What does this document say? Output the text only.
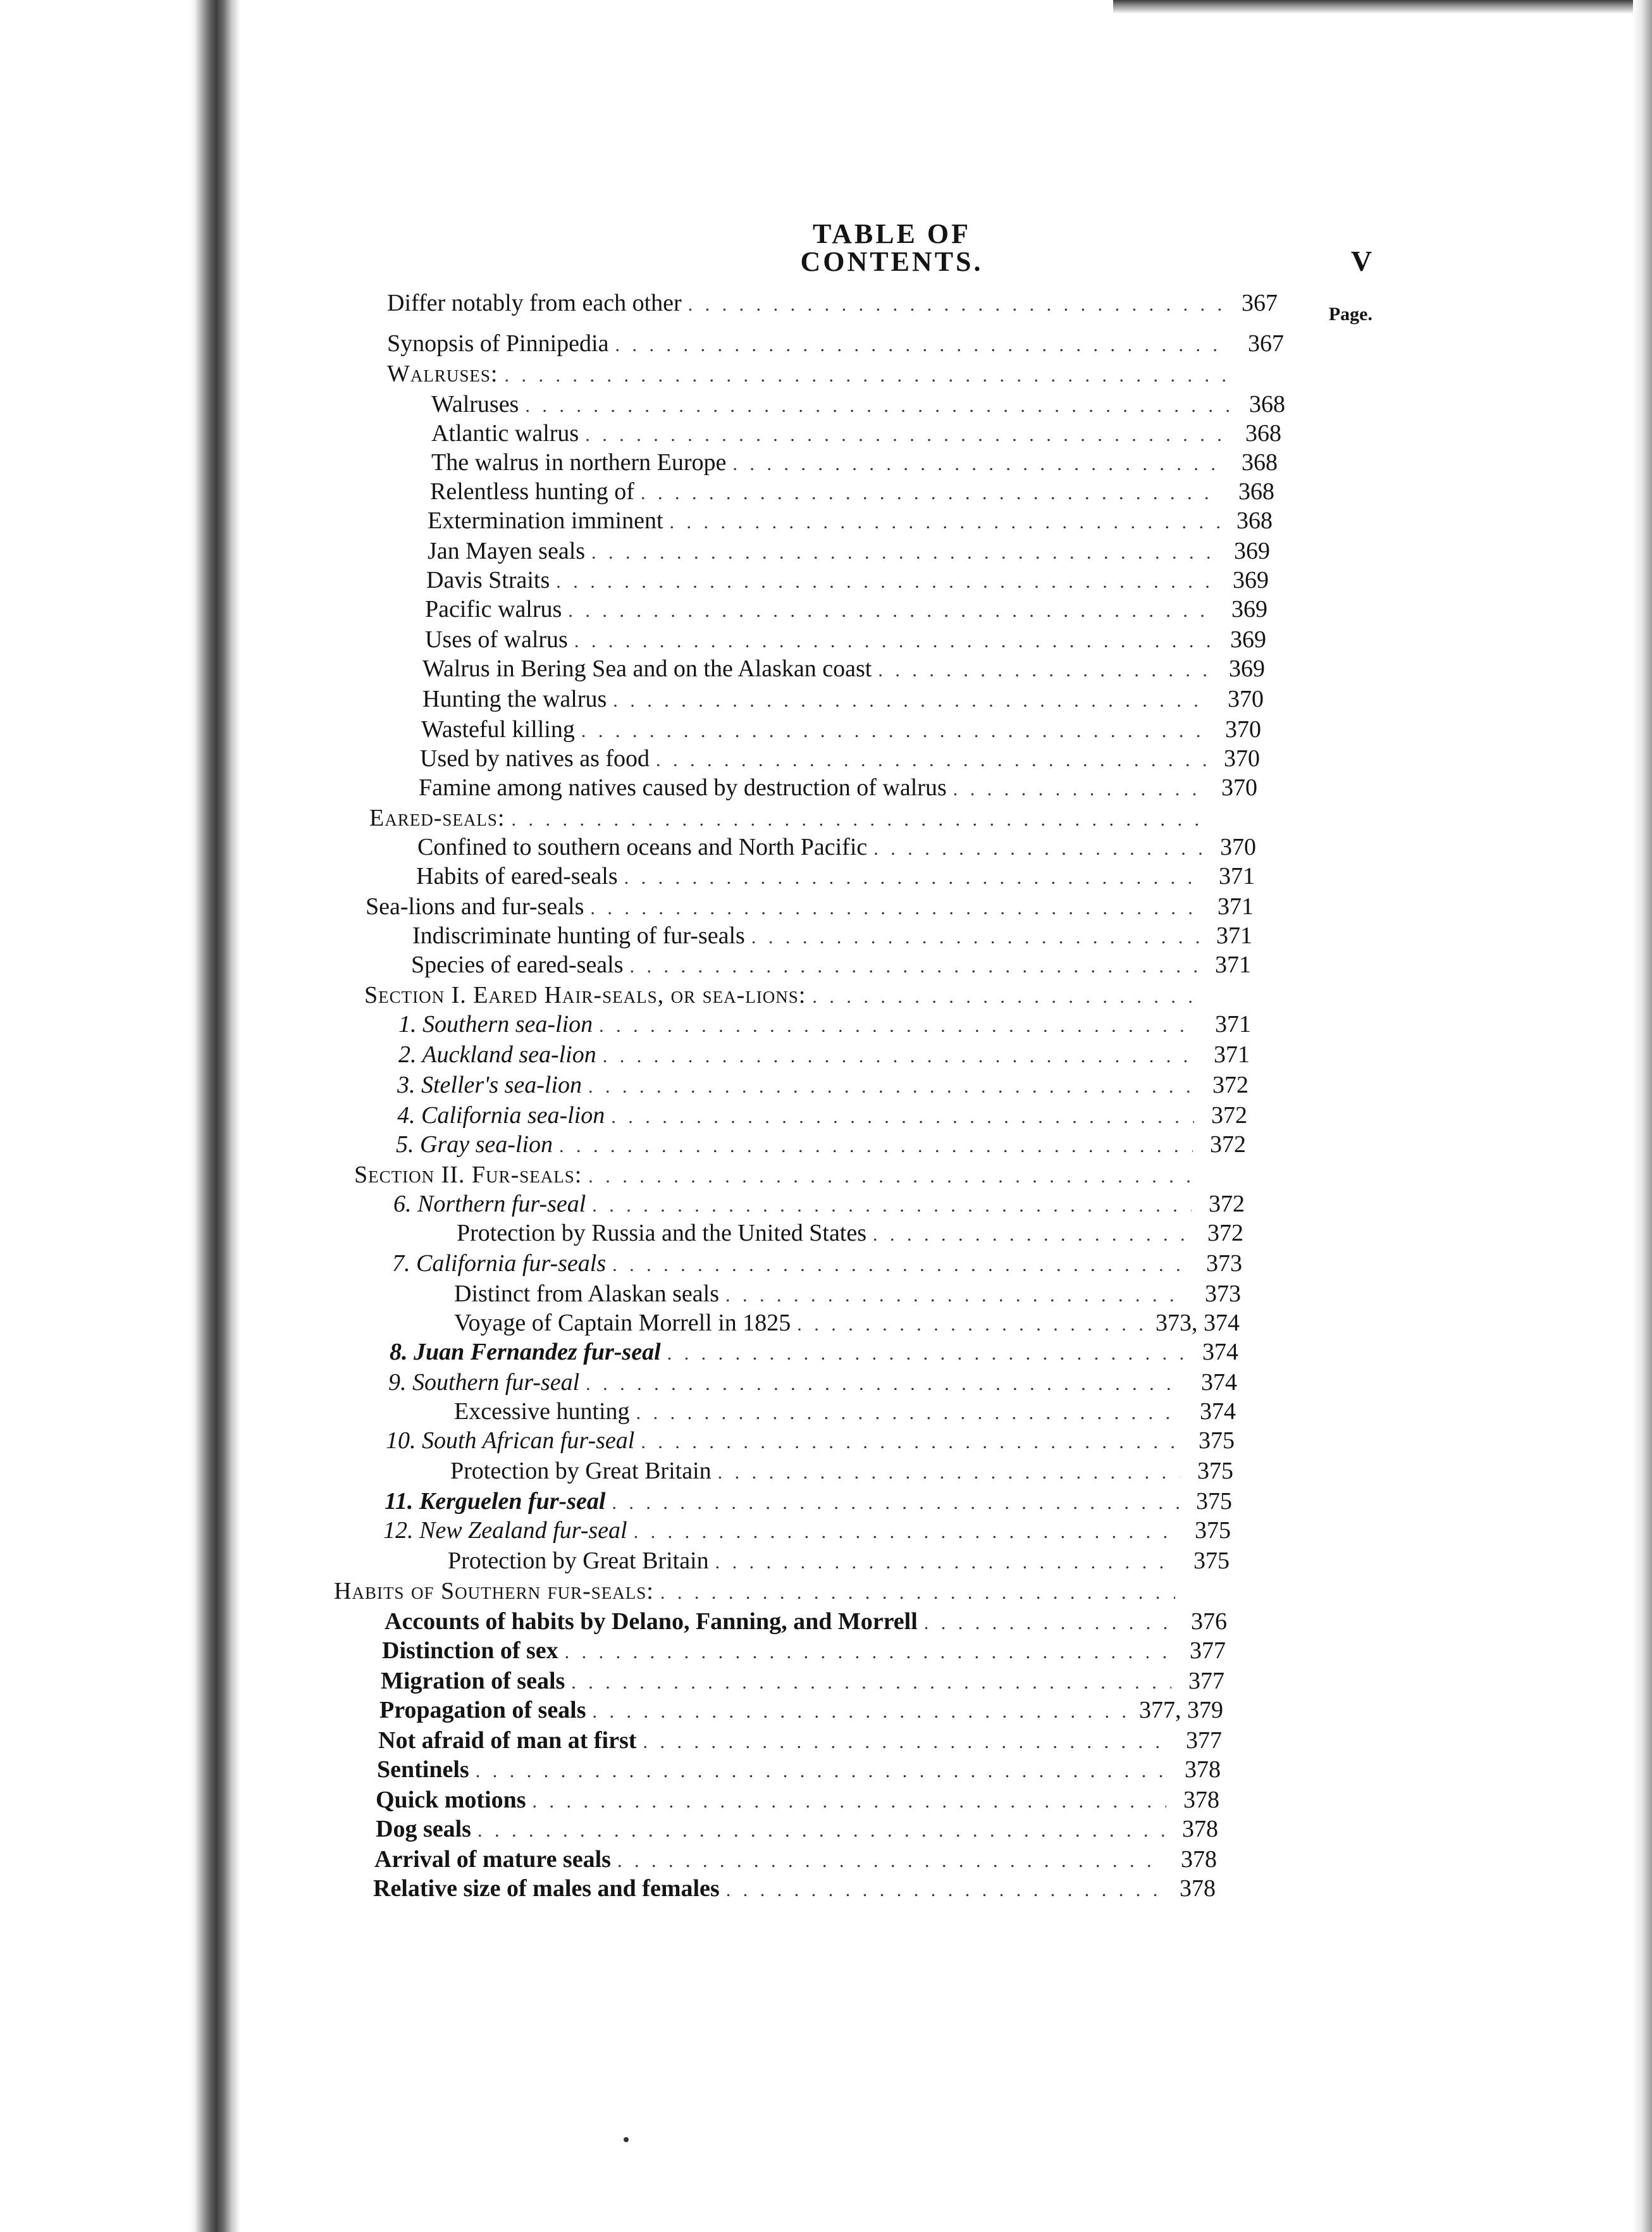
TABLE OF CONTENTS.	V
Page.
Differ notably from each other . . .	367
Synopsis of Pinnipedia . . .	367
Walruses:
. . .
Walruses . . .	368
Atlantic walrus . . .	368
The walrus in northern Europe . . .	368
Relentless hunting of . . .	368
Extermination imminent . . .	368
Jan Mayen seals . . .	369
Davis Straits . . .	369
Pacific walrus . . .	369
Uses of walrus . . .	369
Walrus in Bering Sea and on the Alaskan coast . . .	369
Hunting the walrus . . .	370
Wasteful killing . . .	370
Used by natives as food . . .	370
Famine among natives caused by destruction of walrus . . .	370
Eared-seals:
. . .
Confined to southern oceans and North Pacific . . .	370
Habits of eared-seals . . .	371
Sea-lions and fur-seals . . .	371
Indiscriminate hunting of fur-seals . . .	371
Species of eared-seals . . .	371
Section I. Eared Hair-seals, or sea-lions:
. . .
1. Southern sea-lion . . .	371
2. Auckland sea-lion . . .	371
3. Steller's sea-lion . . .	372
4. California sea-lion . . .	372
5. Gray sea-lion . . .	372
Section II. Fur-seals:
. . .
6. Northern fur-seal . . .	372
Protection by Russia and the United States . . .	372
7. California fur-seals . . .	373
Distinct from Alaskan seals . . .	373
Voyage of Captain Morrell in 1825 . . .	373, 374
8. Juan Fernandez fur-seal . . .	374
9. Southern fur-seal . . .	374
Excessive hunting . . .	374
10. South African fur-seal . . .	375
Protection by Great Britain . . .	375
11. Kerguelen fur-seal . . .	375
12. New Zealand fur-seal . . .	375
Protection by Great Britain . . .	375
Habits of Southern fur-seals:
. . .
Accounts of habits by Delano, Fanning, and Morrell . . .	376
Distinction of sex . . .	377
Migration of seals . . .	377
Propagation of seals . . .	377, 379
Not afraid of man at first . . .	377
Sentinels . . .	378
Quick motions . . .	378
Dog seals . . .	378
Arrival of mature seals . . .	378
Relative size of males and females . . .	378
